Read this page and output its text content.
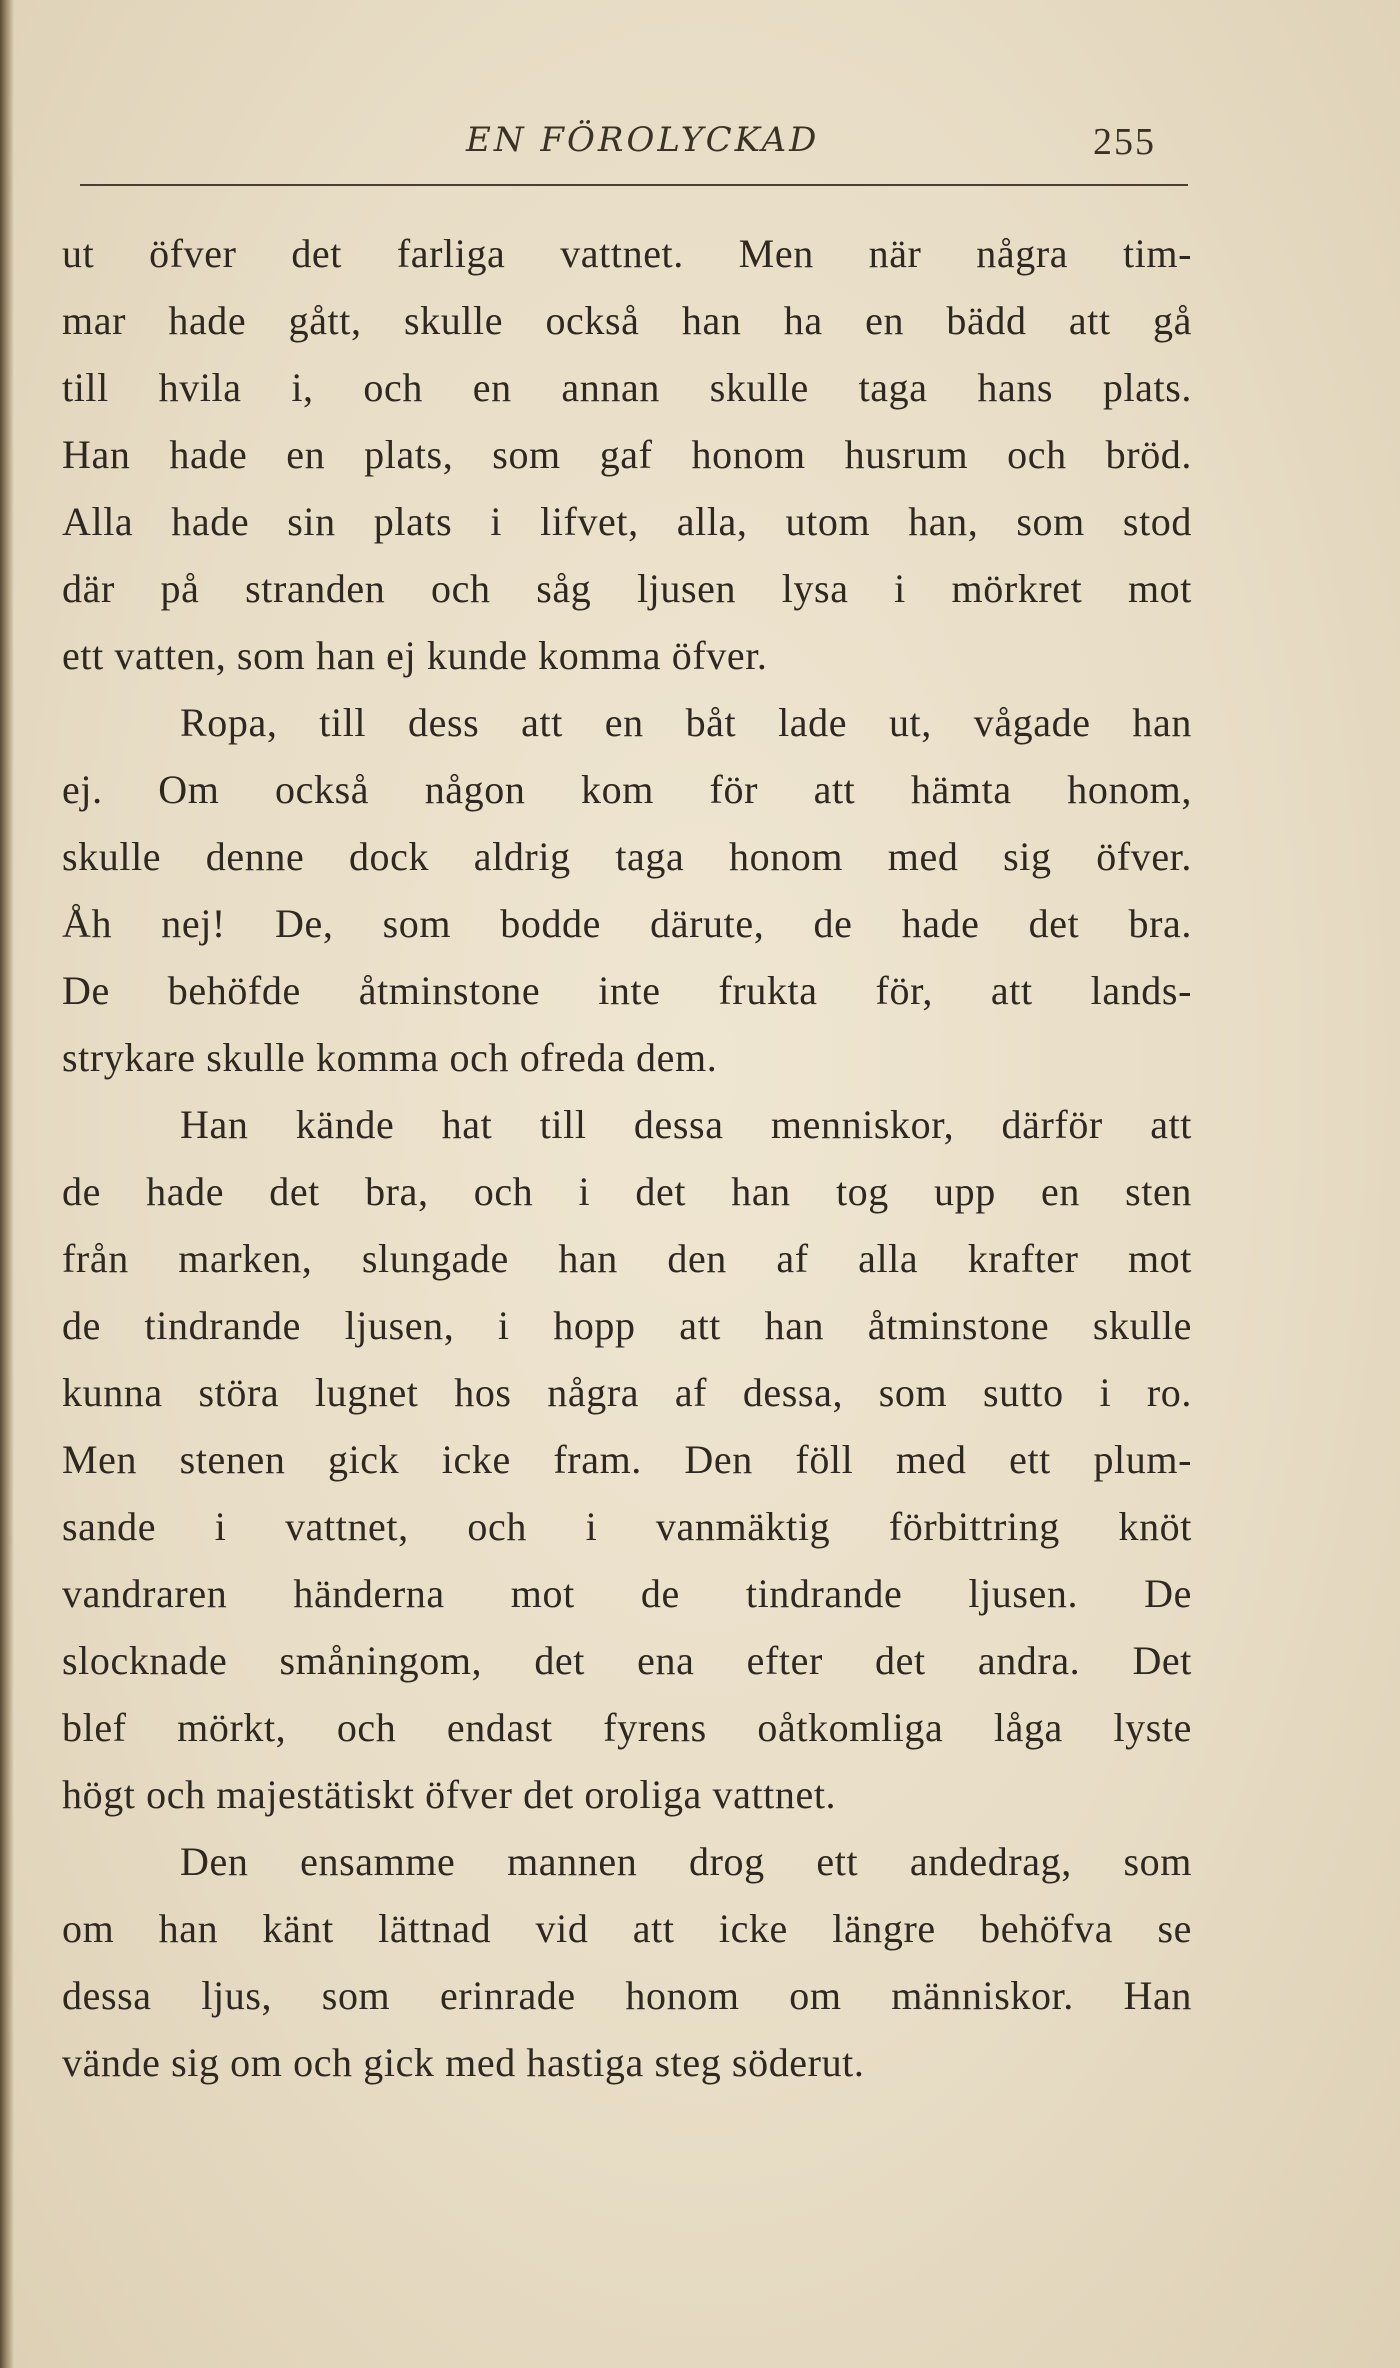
EN FÖROLYCKAD	255
ut öfver det farliga vattnet. Men när några tim-
mar hade gått, skulle också han ha en bädd att gå
till hvila i, och en annan skulle taga hans plats.
Han hade en plats, som gaf honom husrum och bröd.
Alla hade sin plats i lifvet, alla, utom han, som stod
där på stranden och såg ljusen lysa i mörkret mot
ett vatten, som han ej kunde komma öfver.
Ropa, till dess att en båt lade ut, vågade han
ej. Om också någon kom för att hämta honom,
skulle denne dock aldrig taga honom med sig öfver.
Åh nej! De, som bodde därute, de hade det bra.
De behöfde åtminstone inte frukta för, att lands-
strykare skulle komma och ofreda dem.
Han kände hat till dessa menniskor, därför att
de hade det bra, och i det han tog upp en sten
från marken, slungade han den af alla krafter mot
de tindrande ljusen, i hopp att han åtminstone skulle
kunna störa lugnet hos några af dessa, som sutto i ro.
Men stenen gick icke fram. Den föll med ett plum-
sande i vattnet, och i vanmäktig förbittring knöt
vandraren händerna mot de tindrande ljusen. De
slocknade småningom, det ena efter det andra. Det
blef mörkt, och endast fyrens oåtkomliga låga lyste
högt och majestätiskt öfver det oroliga vattnet.
Den ensamme mannen drog ett andedrag, som
om han känt lättnad vid att icke längre behöfva se
dessa ljus, som erinrade honom om människor. Han
vände sig om och gick med hastiga steg söderut.
